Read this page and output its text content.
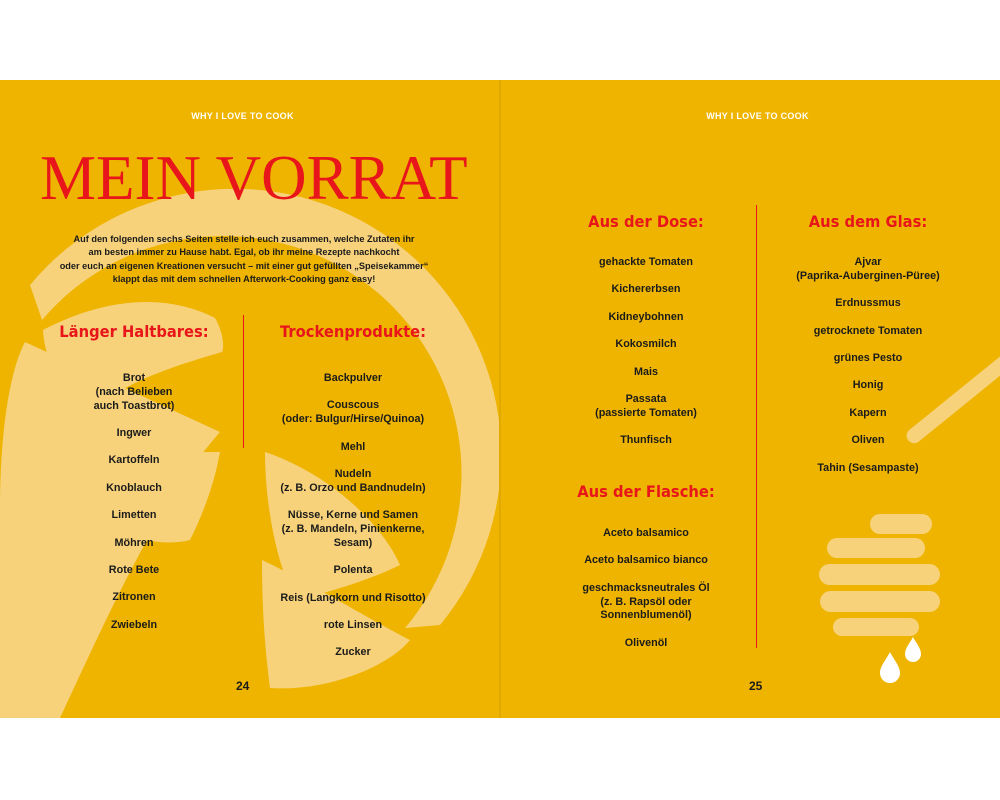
WHY I LOVE TO COOK
MEIN VORRAT

Auf den folgenden sechs Seiten stelle ich euch zusammen, welche Zutaten ihr
am besten immer zu Hause habt. Egal, ob ihr meine Rezepte nachkocht
oder euch an eigenen Kreationen versucht – mit einer gut gefüllten „Speisekammer“
klappt das mit dem schnellen Afterwork-Cooking ganz easy!

Länger Haltbares:
Brot
(nach Belieben
auch Toastbrot)
Ingwer
Kartoffeln
Knoblauch
Limetten
Möhren
Rote Bete
Zitronen
Zwiebeln
Trockenprodukte:
Backpulver
Couscous
(oder: Bulgur/Hirse/Quinoa)
Mehl
Nudeln
(z. B. Orzo und Bandnudeln)
Nüsse, Kerne und Samen
(z. B. Mandeln, Pinienkerne,
Sesam)
Polenta
Reis (Langkorn und Risotto)
rote Linsen
Zucker
24
WHY I LOVE TO COOK
Aus der Dose:
gehackte Tomaten
Kichererbsen
Kidneybohnen
Kokosmilch
Mais
Passata
(passierte Tomaten)
Thunfisch
Aus der Flasche:
Aceto balsamico
Aceto balsamico bianco
geschmacksneutrales Öl
(z. B. Rapsöl oder
Sonnenblumenöl)
Olivenöl
Aus dem Glas:
Ajvar
(Paprika-Auberginen-Püree)
Erdnussmus
getrocknete Tomaten
grünes Pesto
Honig
Kapern
Oliven
Tahin (Sesampaste)
25
